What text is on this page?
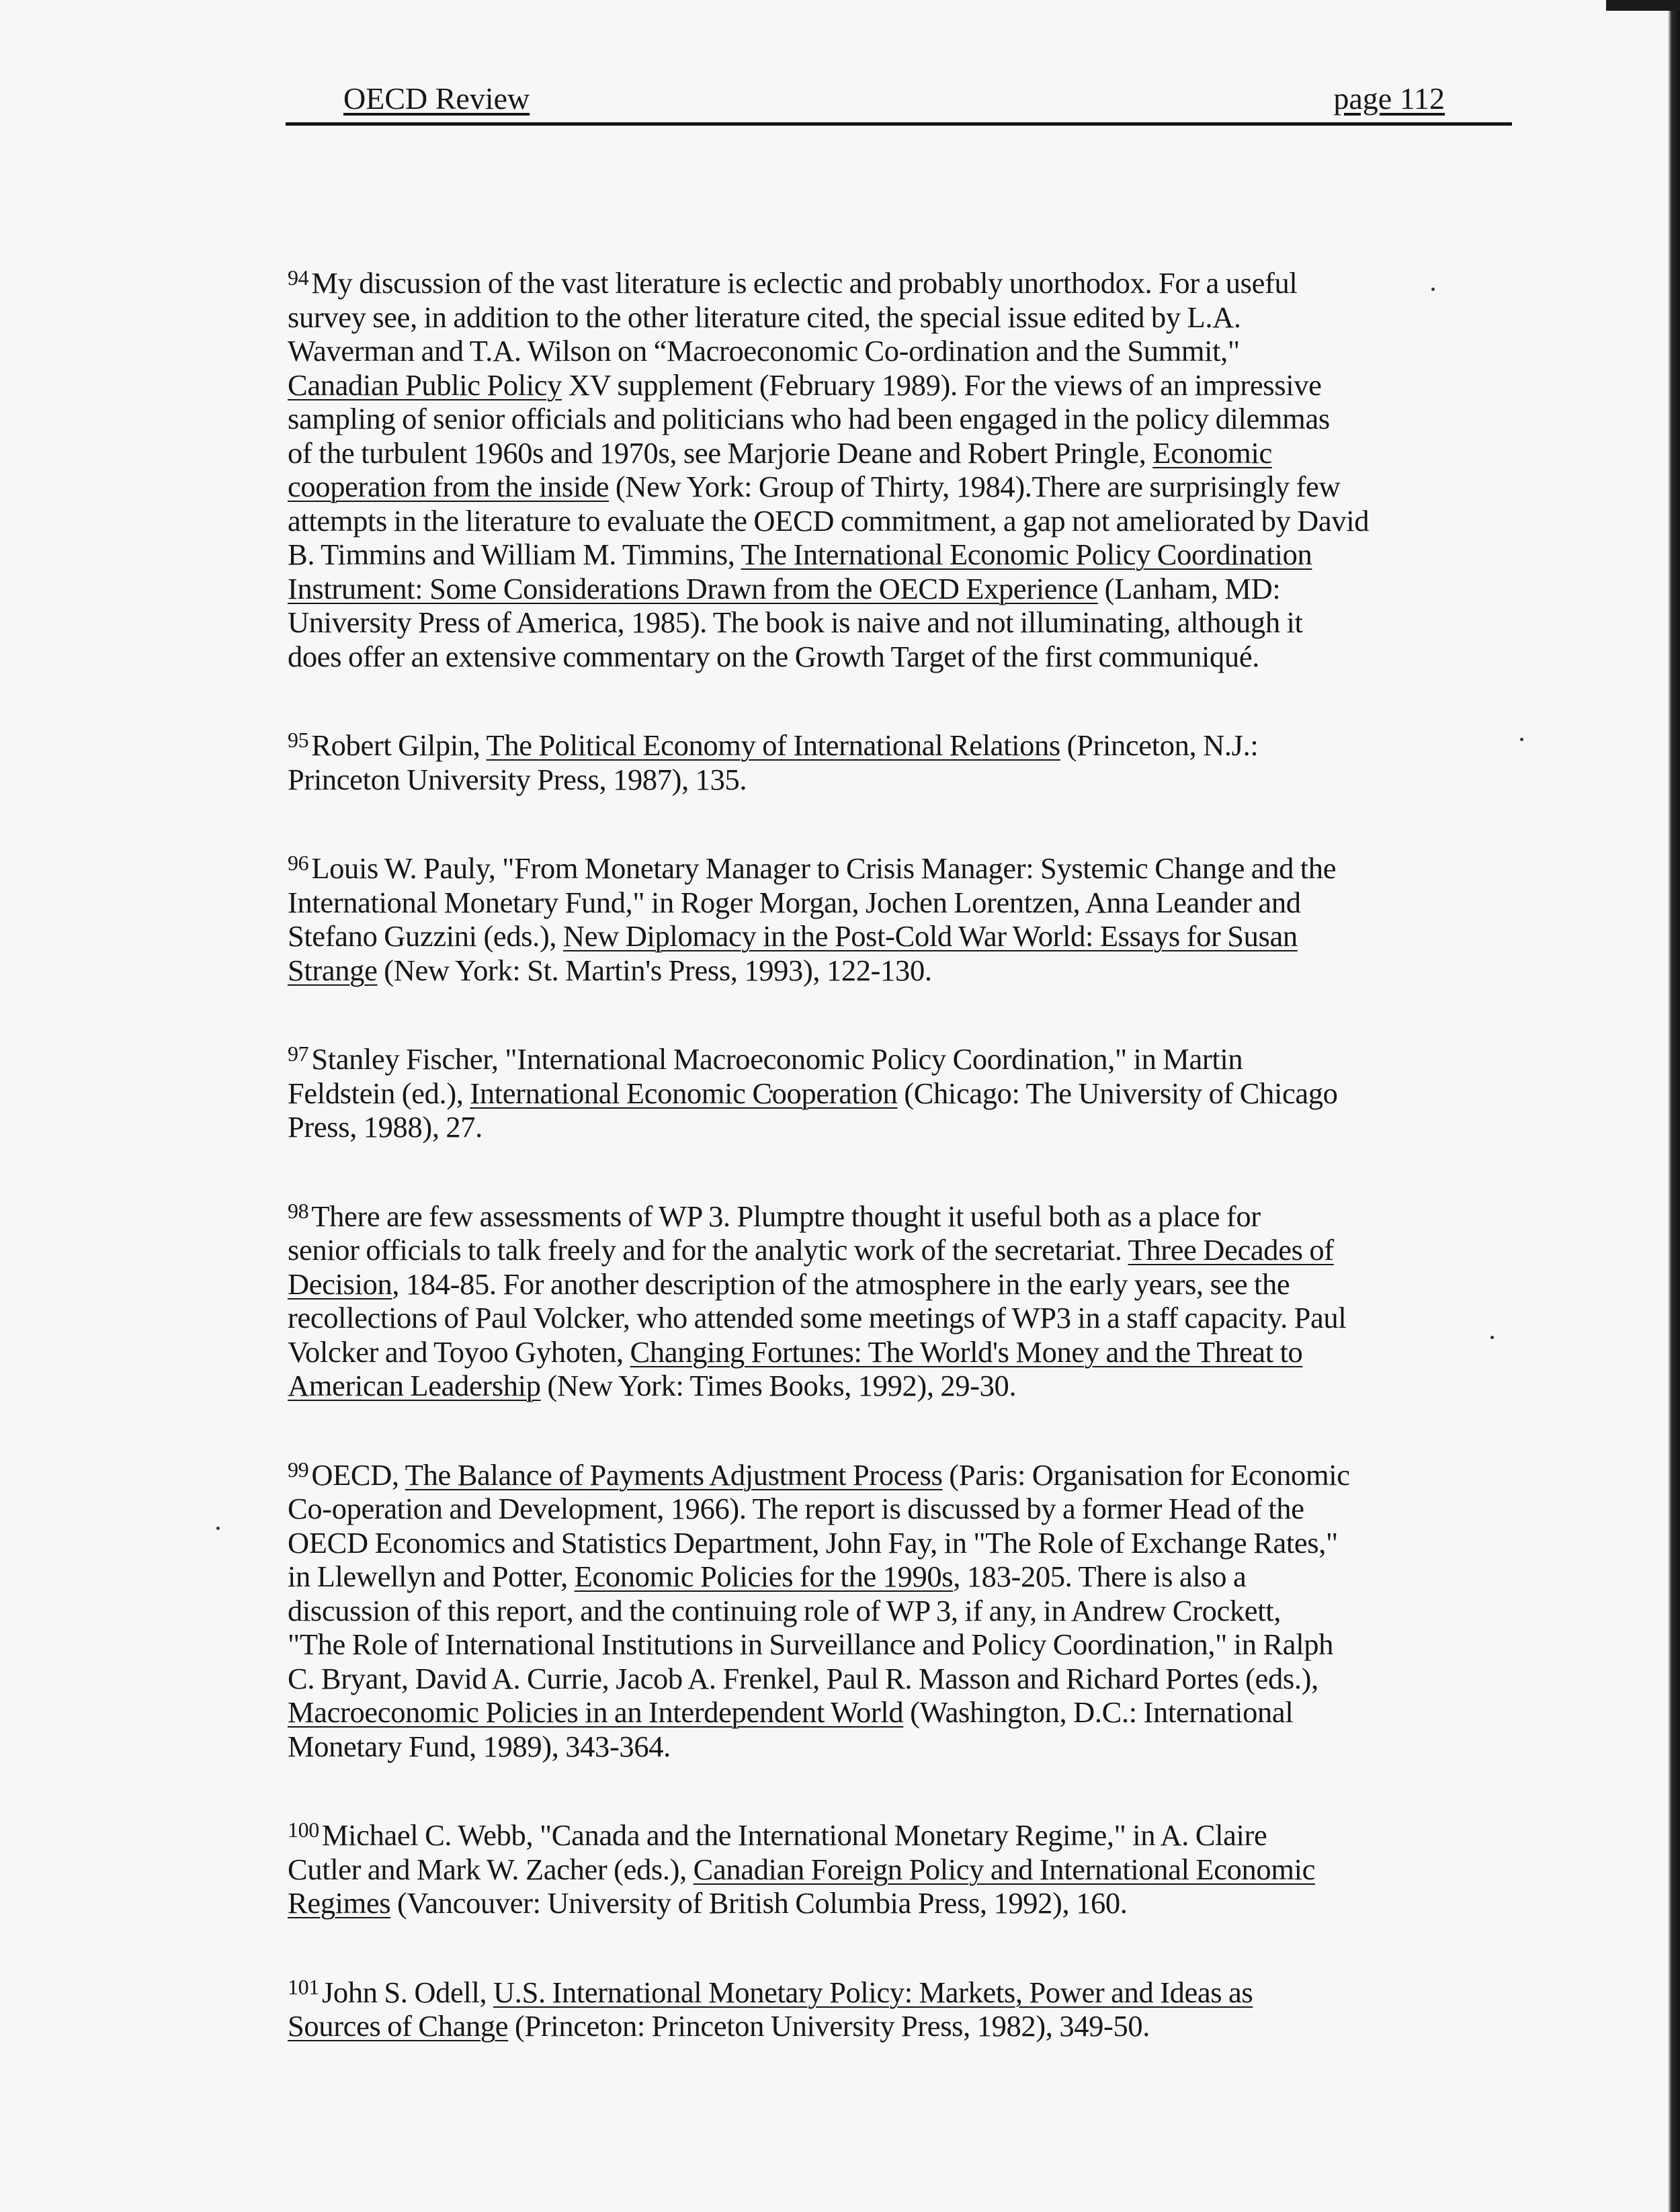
OECD Review	page 112

$^{94}$My discussion of the vast literature is eclectic and probably unorthodox. For a useful
survey see, in addition to the other literature cited, the special issue edited by L.A.
Waverman and T.A. Wilson on “Macroeconomic Co-ordination and the Summit,"
Canadian Public Policy XV supplement (February 1989). For the views of an impressive
sampling of senior officials and politicians who had been engaged in the policy dilemmas
of the turbulent 1960s and 1970s, see Marjorie Deane and Robert Pringle, Economic
cooperation from the inside (New York: Group of Thirty, 1984).There are surprisingly few
attempts in the literature to evaluate the OECD commitment, a gap not ameliorated by David
B. Timmins and William M. Timmins, The International Economic Policy Coordination
Instrument: Some Considerations Drawn from the OECD Experience (Lanham, MD:
University Press of America, 1985). The book is naive and not illuminating, although it
does offer an extensive commentary on the Growth Target of the first communiqué.

$^{95}$Robert Gilpin, The Political Economy of International Relations (Princeton, N.J.:
Princeton University Press, 1987), 135.

$^{96}$Louis W. Pauly, "From Monetary Manager to Crisis Manager: Systemic Change and the
International Monetary Fund," in Roger Morgan, Jochen Lorentzen, Anna Leander and
Stefano Guzzini (eds.), New Diplomacy in the Post-Cold War World: Essays for Susan
Strange (New York: St. Martin's Press, 1993), 122-130.

$^{97}$Stanley Fischer, "International Macroeconomic Policy Coordination," in Martin
Feldstein (ed.), International Economic Cooperation (Chicago: The University of Chicago
Press, 1988), 27.

$^{98}$There are few assessments of WP 3. Plumptre thought it useful both as a place for
senior officials to talk freely and for the analytic work of the secretariat. Three Decades of
Decision, 184-85. For another description of the atmosphere in the early years, see the
recollections of Paul Volcker, who attended some meetings of WP3 in a staff capacity. Paul
Volcker and Toyoo Gyhoten, Changing Fortunes: The World's Money and the Threat to
American Leadership (New York: Times Books, 1992), 29-30.

$^{99}$OECD, The Balance of Payments Adjustment Process (Paris: Organisation for Economic
Co-operation and Development, 1966). The report is discussed by a former Head of the
OECD Economics and Statistics Department, John Fay, in "The Role of Exchange Rates,"
in Llewellyn and Potter, Economic Policies for the 1990s, 183-205. There is also a
discussion of this report, and the continuing role of WP 3, if any, in Andrew Crockett,
"The Role of International Institutions in Surveillance and Policy Coordination," in Ralph
C. Bryant, David A. Currie, Jacob A. Frenkel, Paul R. Masson and Richard Portes (eds.),
Macroeconomic Policies in an Interdependent World (Washington, D.C.: International
Monetary Fund, 1989), 343-364.

$^{100}$Michael C. Webb, "Canada and the International Monetary Regime," in A. Claire
Cutler and Mark W. Zacher (eds.), Canadian Foreign Policy and International Economic
Regimes (Vancouver: University of British Columbia Press, 1992), 160.

$^{101}$John S. Odell, U.S. International Monetary Policy: Markets, Power and Ideas as
Sources of Change (Princeton: Princeton University Press, 1982), 349-50.
